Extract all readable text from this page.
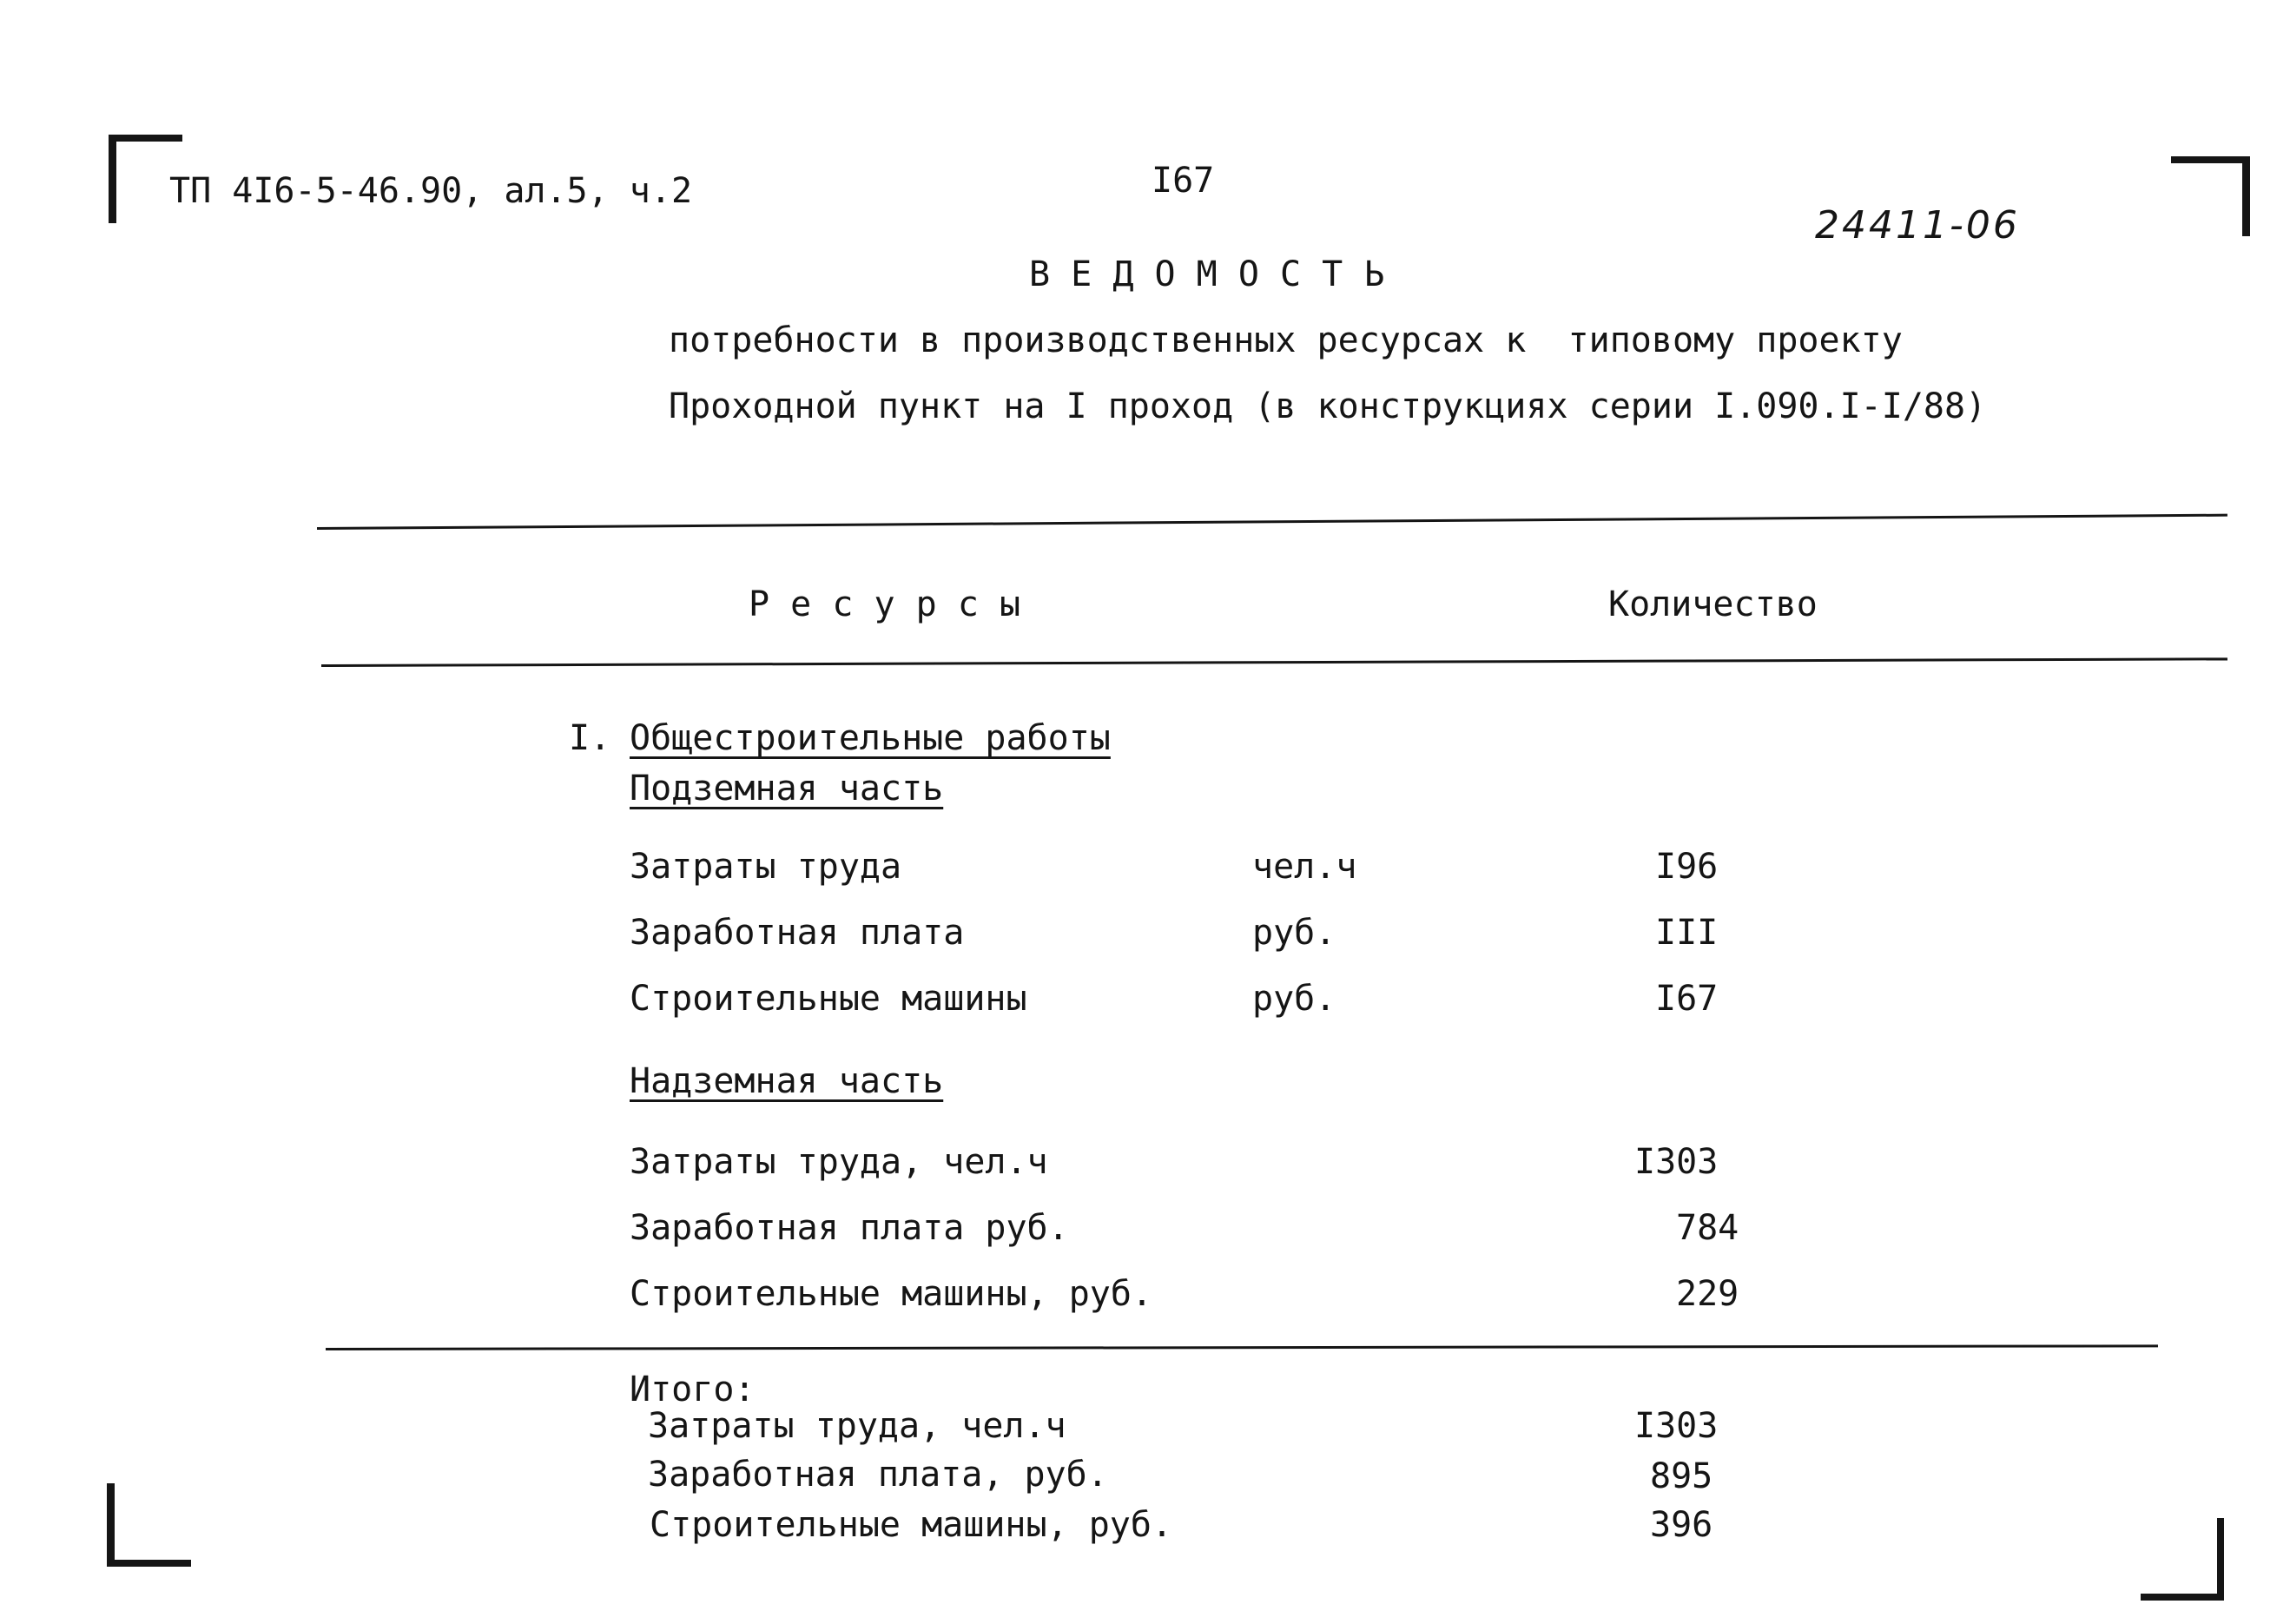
ТП 4I6-5-46.90, ал.5, ч.2	I67
24411-06
В Е Д О М О С Т Ь
потребности в производственных ресурсах к  типовому проекту
Проходной пункт на I проход (в конструкциях серии I.090.I-I/88)
Р е с у р с ы	Количество
I. Общестроительные работы
Подземная часть
Затраты труда	чел.ч	I96
Заработная плата	руб.	III
Строительные машины	руб.	I67
Надземная часть
Затраты труда, чел.ч	I303
Заработная плата руб.	784
Строительные машины, руб.	229
Итого:
Затраты труда, чел.ч	I303
Заработная плата, руб.	895
Строительные машины, руб.	396
